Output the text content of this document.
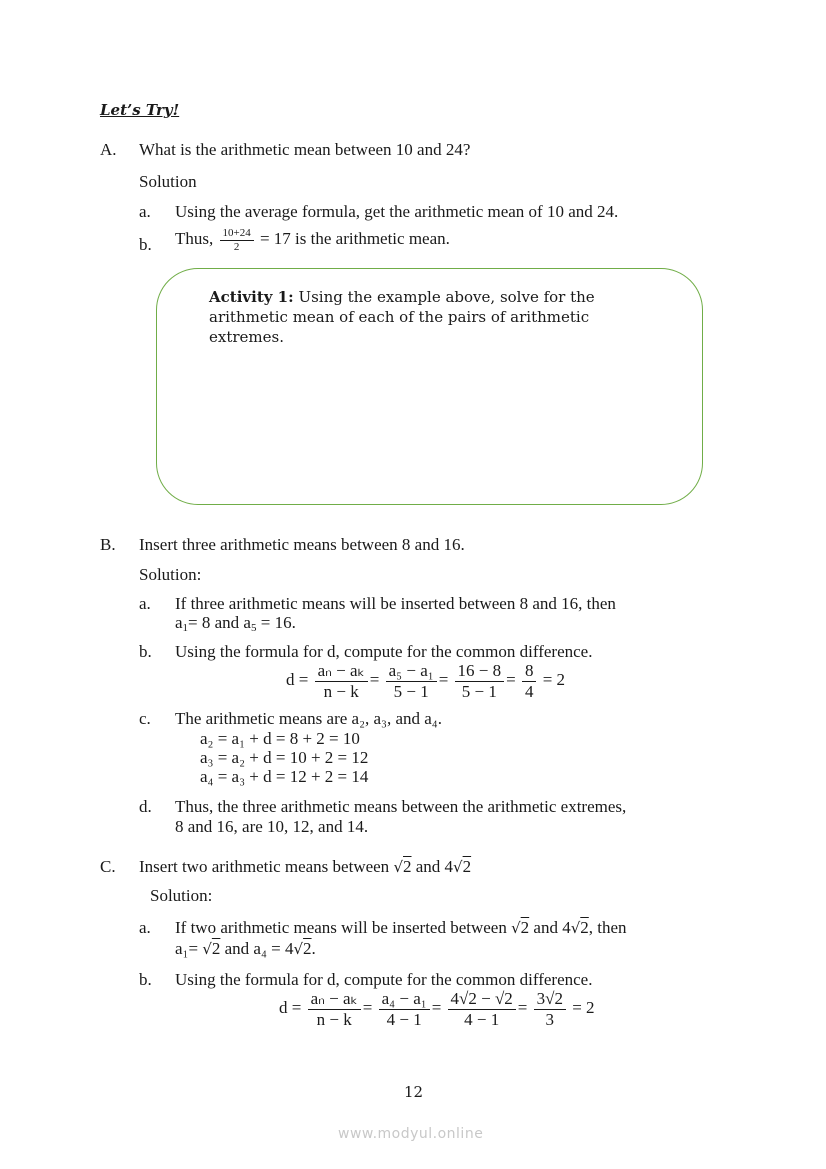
Let’s Try!
A. What is the arithmetic mean between 10 and 24?
Solution
a. Using the average formula, get the arithmetic mean of 10 and 24.
b. Thus, $\frac{10+24}{2} = 17$ is the arithmetic mean.
Activity 1: Using the example above, solve for the arithmetic mean of each of the pairs of arithmetic extremes.
B. Insert three arithmetic means between 8 and 16.
Solution:
a. If three arithmetic means will be inserted between 8 and 16, then
$a_1= 8$ and $a_5 = 16$.
b. Using the formula for d, compute for the common difference.
$d = \frac{\text{aₙ − aₖ}}{n - k} = \frac{\text{a₅ − a₁}}{5 - 1} = \frac{16 - 8}{5 - 1} = \frac{8}{4} = 2$
c. The arithmetic means are a₂, a₃, and a₄.
a₂ = a₁ + d = 8 + 2 = 10
a₃ = a₂ + d = 10 + 2 = 12
a₄ = a₃ + d = 12 + 2 = 14
d. Thus, the three arithmetic means between the arithmetic extremes,
8 and 16, are 10, 12, and 14.
C. Insert two arithmetic means between √2 and 4√2
Solution:
a. If two arithmetic means will be inserted between √2 and 4√2, then
a₁= √2 and a₄ = 4√2.
b. Using the formula for d, compute for the common difference.
$d = \frac{\text{aₙ − aₖ}}{n - k} = \frac{\text{a₄ − a₁}}{4 - 1} = \frac{4√2 - √2}{4 - 1} = \frac{3√2}{3} = 2$
12
www.modyul.online
